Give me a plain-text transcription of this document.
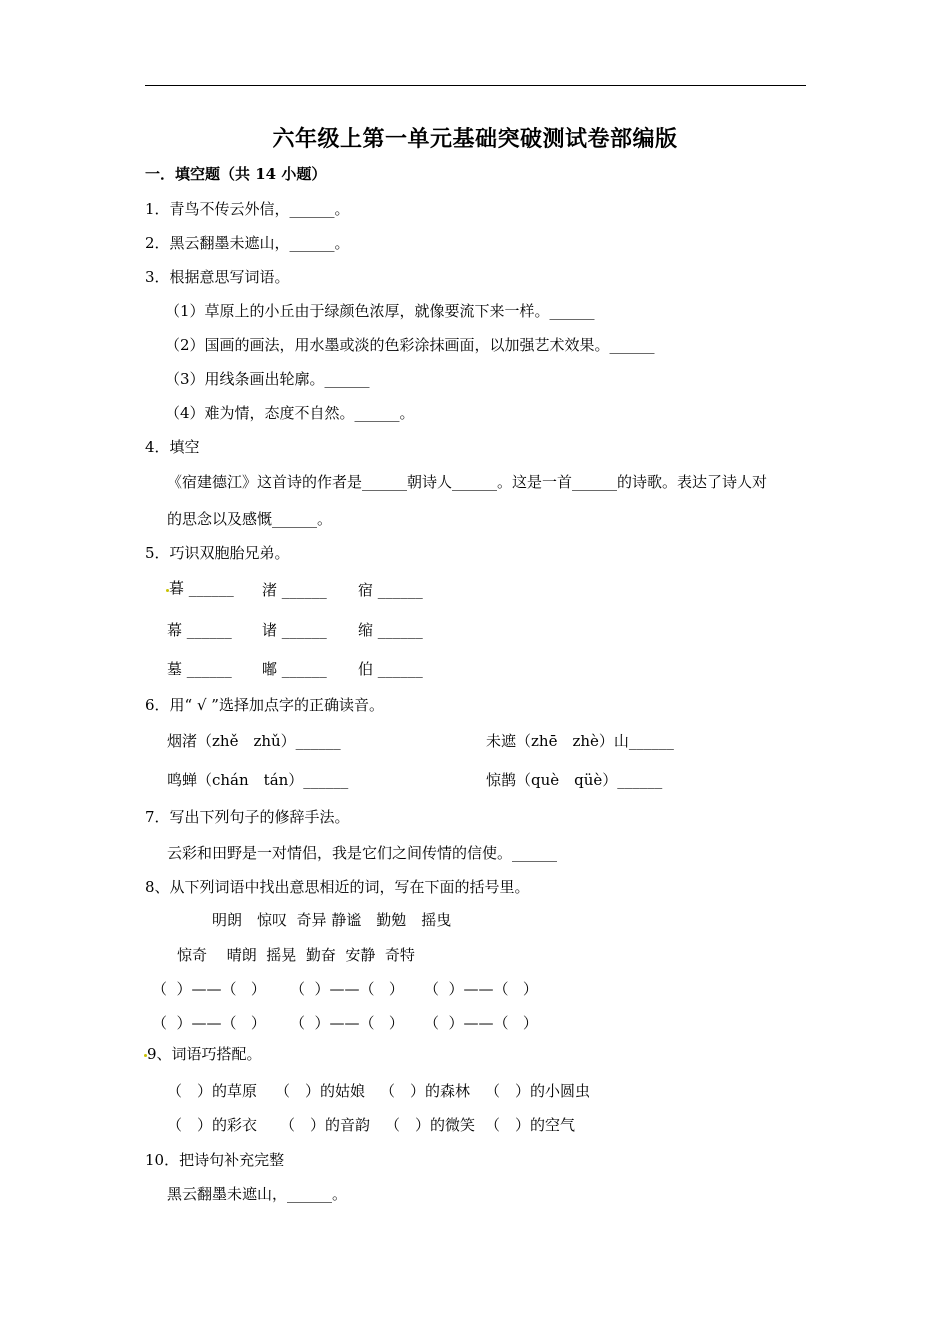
六年级上第一单元基础突破测试卷部编版
一．填空题（共 14 小题）
1．青鸟不传云外信，______。
2．黑云翻墨未遮山，______。
3．根据意思写词语。
（1）草原上的小丘由于绿颜色浓厚，就像要流下来一样。______
（2）国画的画法，用水墨或淡的色彩涂抹画面，以加强艺术效果。______
（3）用线条画出轮廓。______
（4）难为情，态度不自然。______。
4．填空
《宿建德江》这首诗的作者是______朝诗人______。这是一首______的诗歌。表达了诗人对
的思念以及感慨______。
5．巧识双胞胎兄弟。
暮 ______ 渚 ______ 宿 ______
幕 ______ 诸 ______ 缩 ______
墓 ______ 嘟 ______ 伯 ______
6．用“ √ ”选择加点字的正确读音。
烟渚（zhě　zhǔ）______	未遮（zhē　zhè）山______
鸣蝉（chán　tán）______	惊鹊（què　qüè）______
7．写出下列句子的修辞手法。
云彩和田野是一对情侣，我是它们之间传情的信使。______
8、从下列词语中找出意思相近的词，写在下面的括号里。
明朗　惊叹  奇异 静谧　勤勉　摇曳
惊奇　 晴朗  摇晃  勤奋  安静  奇特
（  ）——（   ） （  ）——（   ） （  ）——（   ）
（  ）——（   ） （  ）——（   ） （  ）——（   ）
9、词语巧搭配。
（　）的草原 （　）的姑娘 （　）的森林 （　）的小圆虫
（　）的彩衣 （　）的音韵 （　）的微笑 （　）的空气
10．把诗句补充完整
黑云翻墨未遮山，______。
